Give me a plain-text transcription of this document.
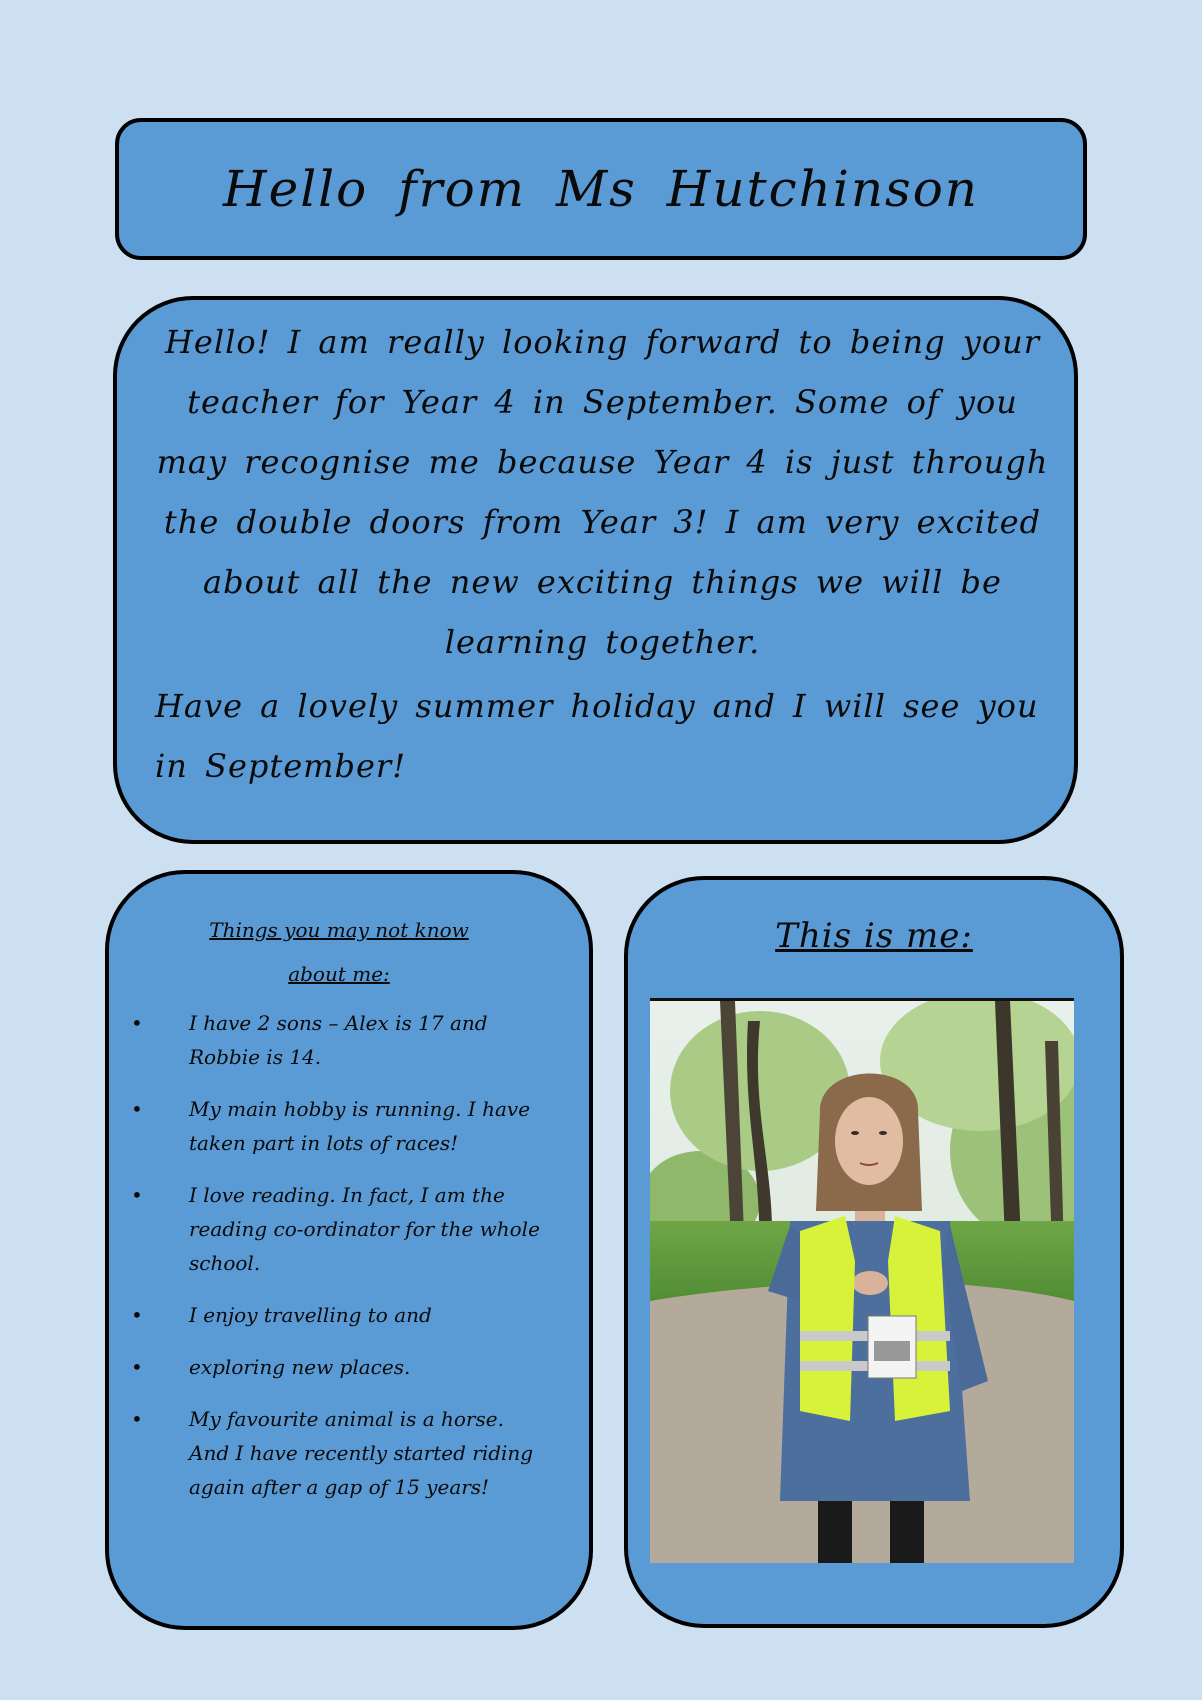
Hello from Ms Hutchinson

Hello! I am really looking forward to being your teacher for Year 4 in September. Some of you may recognise me because Year 4 is just through the double doors from Year 3! I am very excited about all the new exciting things we will be learning together.

Have a lovely summer holiday and I will see you in September!

Things you may not know
about me:
• I have 2 sons – Alex is 17 and Robbie is 14.
• My main hobby is running. I have taken part in lots of races!
• I love reading. In fact, I am the reading co-ordinator for the whole school.
• I enjoy travelling to and
• exploring new places.
• My favourite animal is a horse. And I have recently started riding again after a gap of 15 years!

This is me:
